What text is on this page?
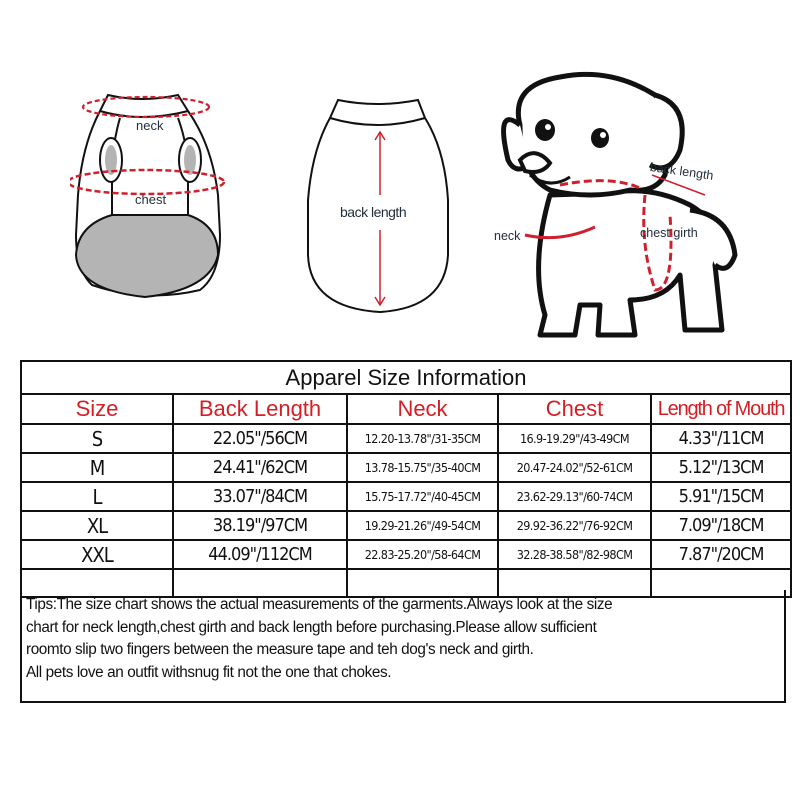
neck
chest
back length
back length
neck	chest girth
Apparel Size Information				
Size	Back Length	Neck	Chest	Length of Mouth
S	22.05"/56CM	12.20-13.78"/31-35CM	16.9-19.29"/43-49CM	4.33"/11CM
M	24.41"/62CM	13.78-15.75"/35-40CM	20.47-24.02"/52-61CM	5.12"/13CM
L	33.07"/84CM	15.75-17.72"/40-45CM	23.62-29.13"/60-74CM	5.91"/15CM
XL	38.19"/97CM	19.29-21.26"/49-54CM	29.92-36.22"/76-92CM	7.09"/18CM
XXL	44.09"/112CM	22.83-25.20"/58-64CM	32.28-38.58"/82-98CM	7.87"/20CM

Tips:The size chart shows the actual measurements of the garments.Always look at the size
chart for neck length,chest girth and back length before purchasing.Please allow sufficient
roomto slip two fingers between the measure tape and teh dog's neck and girth.
All pets love an outfit withsnug fit not the one that chokes.
